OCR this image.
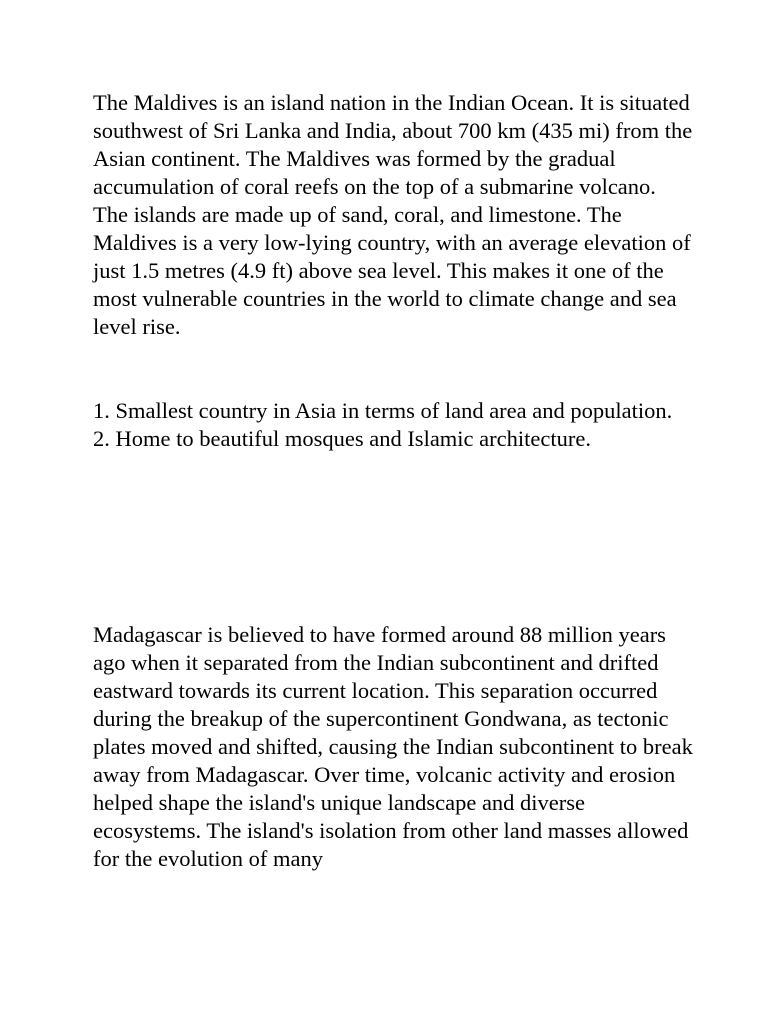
The Maldives is an island nation in the Indian Ocean. It is situated southwest of Sri Lanka and India, about 700 km (435 mi) from the Asian continent. The Maldives was formed by the gradual accumulation of coral reefs on the top of a submarine volcano. The islands are made up of sand, coral, and limestone. The Maldives is a very low-lying country, with an average elevation of just 1.5 metres (4.9 ft) above sea level. This makes it one of the most vulnerable countries in the world to climate change and sea level rise.

1. Smallest country in Asia in terms of land area and population.

2. Home to beautiful mosques and Islamic architecture.

Madagascar is believed to have formed around 88 million years ago when it separated from the Indian subcontinent and drifted eastward towards its current location. This separation occurred during the breakup of the supercontinent Gondwana, as tectonic plates moved and shifted, causing the Indian subcontinent to break away from Madagascar. Over time, volcanic activity and erosion helped shape the island's unique landscape and diverse ecosystems. The island's isolation from other land masses allowed for the evolution of many
